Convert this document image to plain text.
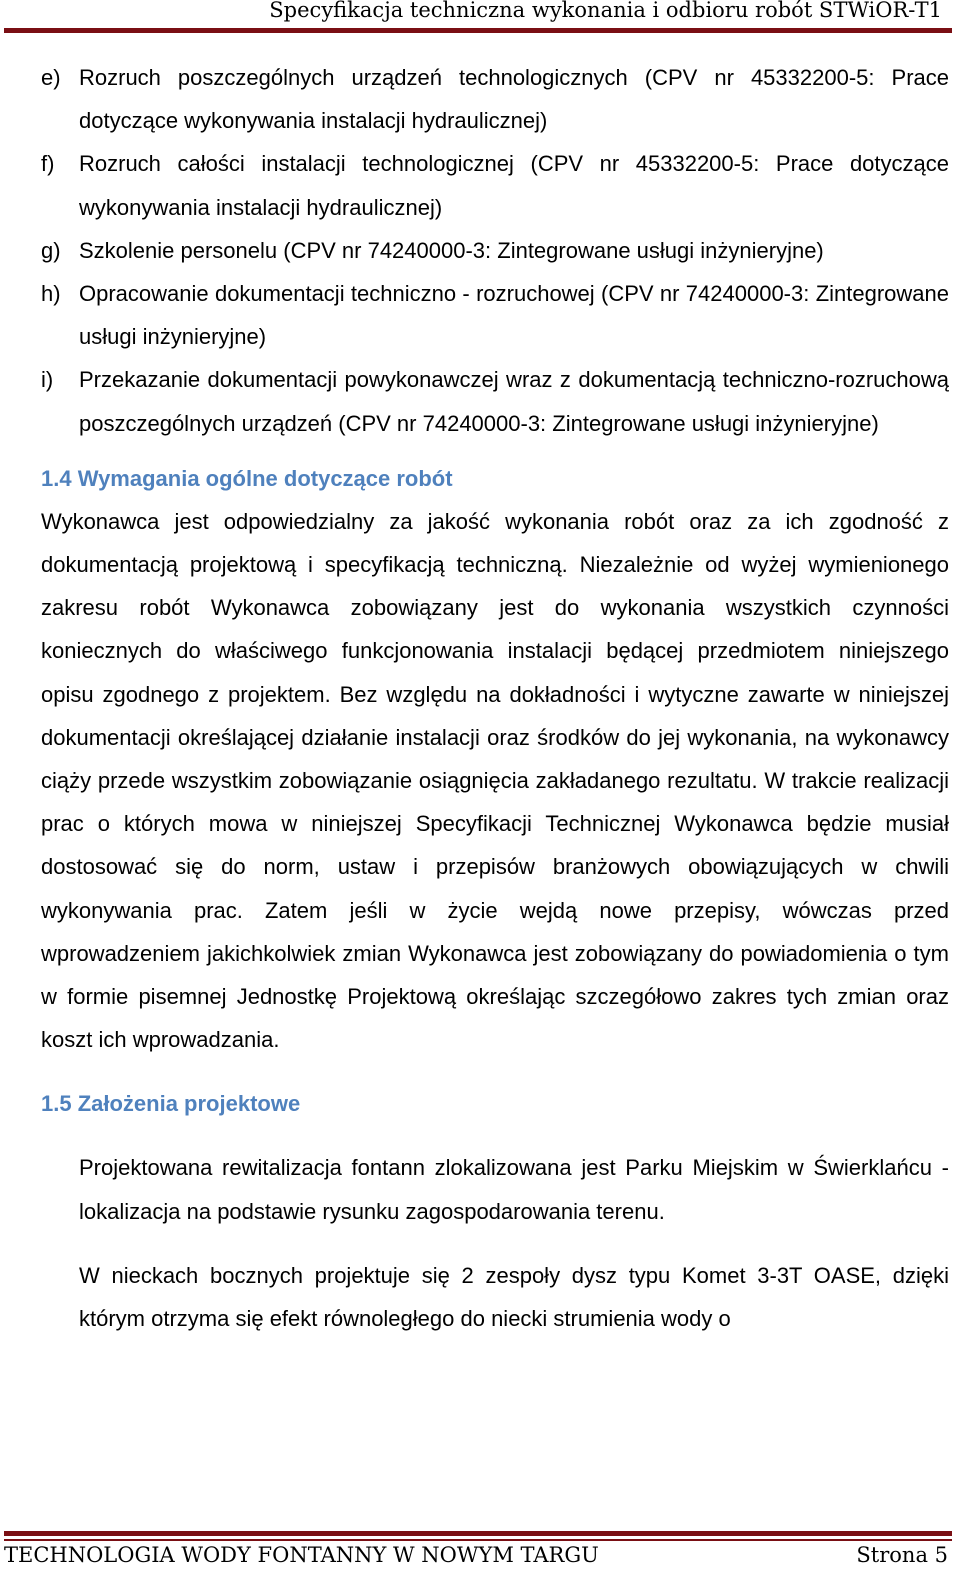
Specyfikacja techniczna wykonania i odbioru robót STWiOR-T1
e) Rozruch poszczególnych urządzeń technologicznych (CPV nr 45332200-5: Prace dotyczące wykonywania instalacji hydraulicznej)
f)	Rozruch całości instalacji technologicznej (CPV nr 45332200-5: Prace dotyczące wykonywania instalacji hydraulicznej)
g) Szkolenie personelu (CPV nr 74240000-3: Zintegrowane usługi inżynieryjne)
h) Opracowanie dokumentacji techniczno - rozruchowej (CPV nr 74240000-3: Zintegrowane usługi inżynieryjne)
i)	Przekazanie dokumentacji powykonawczej wraz z dokumentacją techniczno-rozruchową poszczególnych urządzeń (CPV nr 74240000-3: Zintegrowane usługi inżynieryjne)
1.4 Wymagania ogólne dotyczące robót

Wykonawca jest odpowiedzialny za jakość wykonania robót oraz za ich zgodność z dokumentacją projektową i specyfikacją techniczną. Niezależnie od wyżej wymienionego zakresu robót Wykonawca zobowiązany jest do wykonania wszystkich czynności koniecznych do właściwego funkcjonowania instalacji będącej przedmiotem niniejszego opisu zgodnego z projektem. Bez względu na dokładności i wytyczne zawarte w niniejszej dokumentacji określającej działanie instalacji oraz środków do jej wykonania, na wykonawcy ciąży przede wszystkim zobowiązanie osiągnięcia zakładanego rezultatu. W trakcie realizacji prac o których mowa w niniejszej Specyfikacji Technicznej Wykonawca będzie musiał dostosować się do norm, ustaw i przepisów branżowych obowiązujących w chwili wykonywania prac. Zatem jeśli w życie wejdą nowe przepisy, wówczas przed wprowadzeniem jakichkolwiek zmian Wykonawca jest zobowiązany do powiadomienia o tym w formie pisemnej Jednostkę Projektową określając szczegółowo zakres tych zmian oraz koszt ich wprowadzania.

1.5 Założenia projektowe

Projektowana rewitalizacja fontann zlokalizowana jest Parku Miejskim w Świerklańcu - lokalizacja na podstawie rysunku zagospodarowania terenu.

W nieckach bocznych projektuje się 2 zespoły dysz typu Komet 3-3T OASE, dzięki którym otrzyma się efekt równoległego do niecki strumienia wody o

TECHNOLOGIA WODY FONTANNY W NOWYM TARGU	Strona 5
